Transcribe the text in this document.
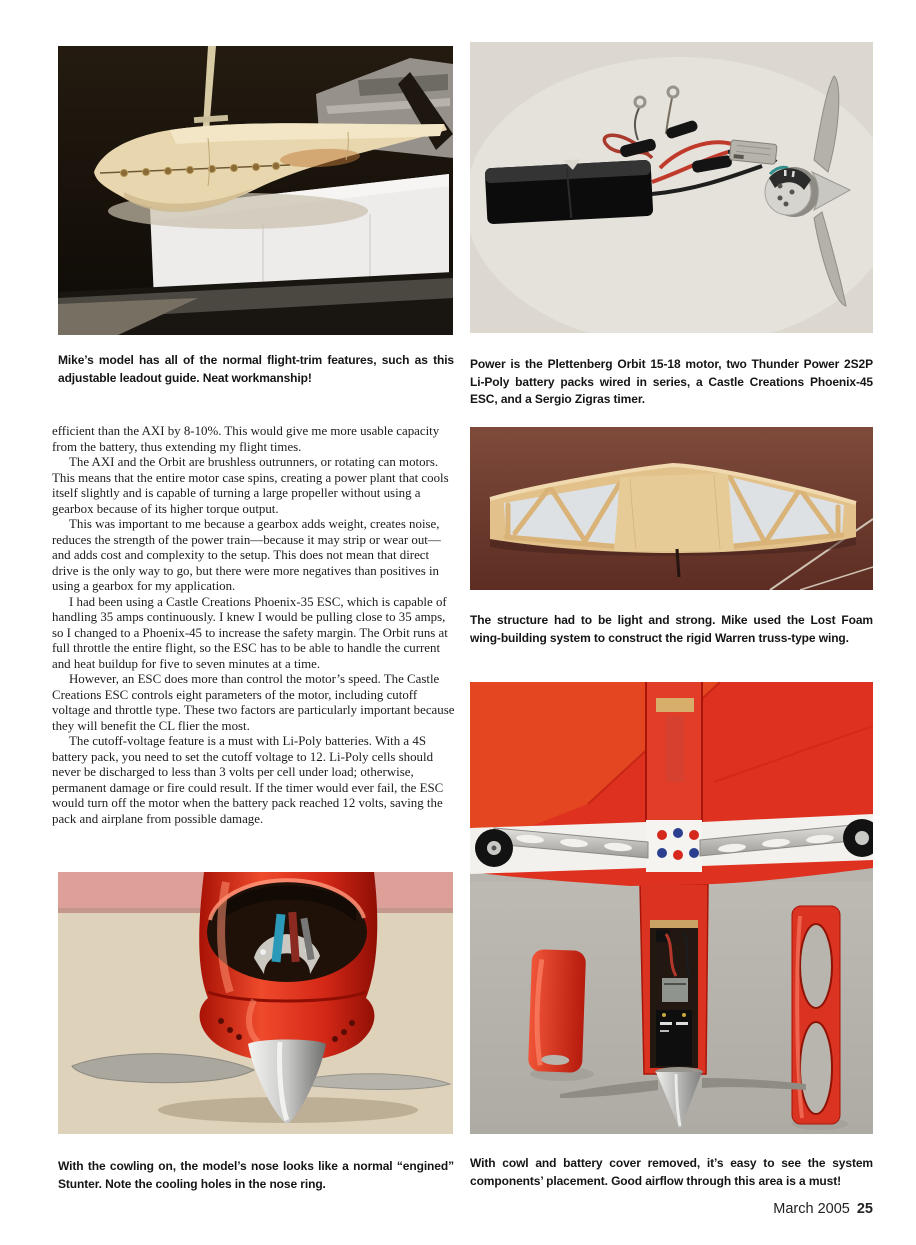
Mike’s model has all of the normal flight-trim features, such as this adjustable leadout guide. Neat workmanship!
Power is the Plettenberg Orbit 15-18 motor, two Thunder Power 2S2P Li-Poly battery packs wired in series, a Castle Creations Phoenix-45 ESC, and a Sergio Zigras timer.
The structure had to be light and strong. Mike used the Lost Foam wing-building system to construct the rigid Warren truss-type wing.
With the cowling on, the model’s nose looks like a normal “engined” Stunter. Note the cooling holes in the nose ring.
With cowl and battery cover removed, it’s easy to see the system components’ placement. Good airflow through this area is a must!

efficient than the AXI by 8-10%. This would give me more usable capacity from the battery, thus extending my flight times.

The AXI and the Orbit are brushless outrunners, or rotating can motors. This means that the entire motor case spins, creating a power plant that cools itself slightly and is capable of turning a large propeller without using a gearbox because of its higher torque output.

This was important to me because a gearbox adds weight, creates noise, reduces the strength of the power train—because it may strip or wear out—and adds cost and complexity to the setup. This does not mean that direct drive is the only way to go, but there were more negatives than positives in using a gearbox for my application.

I had been using a Castle Creations Phoenix-35 ESC, which is capable of handling 35 amps continuously. I knew I would be pulling close to 35 amps, so I changed to a Phoenix-45 to increase the safety margin. The Orbit runs at full throttle the entire flight, so the ESC has to be able to handle the current and heat buildup for five to seven minutes at a time.

However, an ESC does more than control the motor’s speed. The Castle Creations ESC controls eight parameters of the motor, including cutoff voltage and throttle type. These two factors are particularly important because they will benefit the CL flier the most.

The cutoff-voltage feature is a must with Li-Poly batteries. With a 4S battery pack, you need to set the cutoff voltage to 12. Li-Poly cells should never be discharged to less than 3 volts per cell under load; otherwise, permanent damage or fire could result. If the timer would ever fail, the ESC would turn off the motor when the battery pack reached 12 volts, saving the pack and airplane from possible damage.

March 2005 25
